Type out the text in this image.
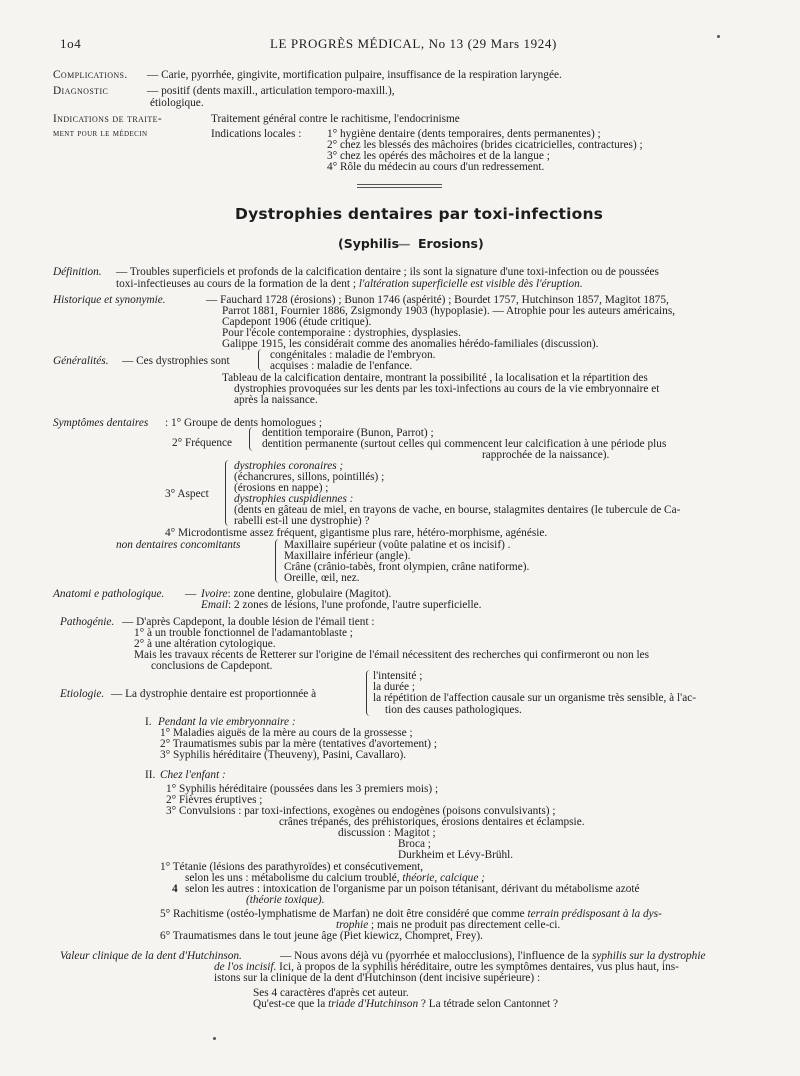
1o4	LE PROGRÈS MÉDICAL, No 13 (29 Mars 1924)
Complications. — Carie, pyorrhée, gingivite, mortification pulpaire, insuffisance de la respiration laryngée.
Diagnostic	— positif (dents maxill., articulation temporo-maxill.),
étiologique.
Indications de traite-
ment pour le médecin
Traitement général contre le rachitisme, l'endocrinisme
Indications locales : 1° hygiène dentaire (dents temporaires, dents permanentes) ;
2° chez les blessés des mâchoires (brides cicatricielles, contractures) ;
3° chez les opérés des mâchoires et de la langue ;
4° Rôle du médecin au cours d'un redressement.
Dystrophies dentaires par toxi-infections
(Syphilis
— Erosions)
Définition. — Troubles superficiels et profonds de la calcification dentaire ; ils sont la signature d'une toxi-infection ou de poussées
toxi-infectieuses au cours de la formation de la dent ; l'altération superficielle est visible dès l'éruption.
Historique et synonymie.	— Fauchard 1728 (érosions) ; Bunon 1746 (aspérité) ; Bourdet 1757, Hutchinson 1857, Magitot 1875,
Parrot 1881, Fournier 1886, Zsigmondy 1903 (hypoplasie). — Atrophie pour les auteurs américains,
Capdepont 1906 (étude critique).
Pour l'école contemporaine : dystrophies, dysplasies.
Galippe 1915, les considérait comme des anomalies hérédo-familiales (discussion).
Généralités. — Ces dystrophies sont	congénitales : maladie de l'embryon.
acquises : maladie de l'enfance.
Tableau de la calcification dentaire, montrant la possibilité , la localisation et la répartition des
dystrophies provoquées sur les dents par les toxi-infections au cours de la vie embryonnaire et
après la naissance.
Symptômes dentaires : 1° Groupe de dents homologues ;
2° Fréquence
dentition temporaire (Bunon, Parrot) ;
dentition permanente (surtout celles qui commencent leur calcification à une période plus
rapprochée de la naissance).
3° Aspect
dystrophies coronaires ;
(échancrures, sillons, pointillés) ;
(érosions en nappe) ;
dystrophies cuspidiennes :
(dents en gâteau de miel, en trayons de vache, en bourse, stalagmites dentaires (le tubercule de Ca-
rabelli est-il une dystrophie) ?
4° Microdontisme assez fréquent, gigantisme plus rare, hétéro-morphisme, agénésie.
non dentaires concomitants	Maxillaire supérieur (voûte palatine et os incisif) .
Maxillaire inférieur (angle).
Crâne (crânio-tabès, front olympien, crâne natiforme).
Oreille, œil, nez.
Anatomi e pathologique. — Ivoire: zone dentine, globulaire (Magitot).
Email: 2 zones de lésions, l'une profonde, l'autre superficielle.
Pathogénie. — D'après Capdepont, la double lésion de l'émail tient :
1° à un trouble fonctionnel de l'adamantoblaste ;
2° à une altération cytologique.
Mais les travaux récents de Retterer sur l'origine de l'émail nécessitent des recherches qui confirmeront ou non les
conclusions de Capdepont.
Etiologie. — La dystrophie dentaire est proportionnée à
l'intensité ;
la durée ;
la répétition de l'affection causale sur un organisme très sensible, à l'ac-
tion des causes pathologiques.
I. Pendant la vie embryonnaire :
1° Maladies aiguës de la mère au cours de la grossesse ;
2° Traumatismes subis par la mère (tentatives d'avortement) ;
3° Syphilis héréditaire (Theuveny), Pasini, Cavallaro).
II. Chez l'enfant :
1° Syphilis héréditaire (poussées dans les 3 premiers mois) ;
2° Fièvres éruptives ;
3° Convulsions : par toxi-infections, exogènes ou endogènes (poisons convulsivants) ;
crânes trépanés, des préhistoriques, érosions dentaires et éclampsie.
discussion : Magitot ;
Broca ;
Durkheim et Lévy-Brühl.
1° Tétanie (lésions des parathyroïdes) et consécutivement,
selon les uns : métabolisme du calcium troublé, théorie, calcique ;
4 selon les autres : intoxication de l'organisme par un poison tétanisant, dérivant du métabolisme azoté
(théorie toxique).
5° Rachitisme (ostéo-lymphatisme de Marfan) ne doit être considéré que comme terrain prédisposant à la dys-
trophie ; mais ne produit pas directement celle-ci.
6° Traumatismes dans le tout jeune âge (Piet kiewicz, Chompret, Frey).
Valeur clinique de la dent d'Hutchinson.	— Nous avons déjà vu (pyorrhée et malocclusions), l'influence de la syphilis sur la dystrophie
de l'os incisif. Ici, à propos de la syphilis héréditaire, outre les symptômes dentaires, vus plus haut, ins-
istons sur la clinique de la dent d'Hutchinson (dent incisive supérieure) :
Ses 4 caractères d'après cet auteur.
Qu'est-ce que la triade d'Hutchinson ? La tétrade selon Cantonnet ?
